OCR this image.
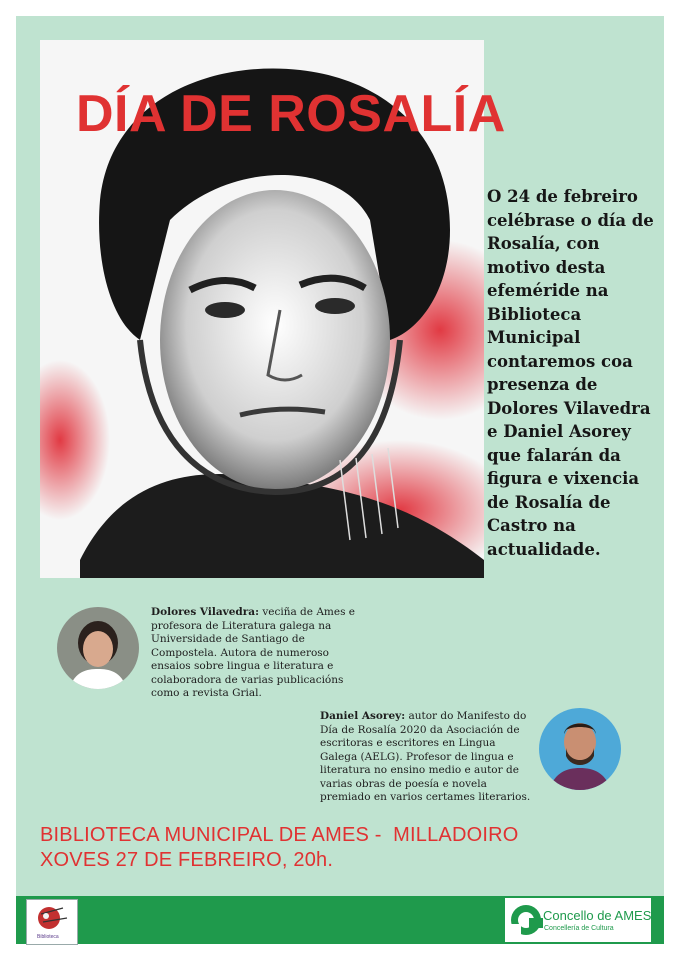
DÍA DE ROSALÍA

O 24 de febreiro celébrase o día de Rosalía, con motivo desta efeméride na Biblioteca Municipal contaremos coa presenza de Dolores Vilavedra e Daniel Asorey que falarán da figura e vixencia de Rosalía de Castro na actualidade.

Dolores Vilavedra: veciña de Ames e profesora de Literatura galega na Universidade de Santiago de Compostela. Autora de numeroso ensaios sobre lingua e literatura e colaboradora de varias publicacións como a revista Grial.

Daniel Asorey: autor do Manifesto do Día de Rosalía 2020 da Asociación de escritoras e escritores en Lingua Galega (AELG). Profesor de lingua e literatura no ensino medio e autor de varias obras de poesía e novela premiado en varios certames literarios.

BIBLIOTECA MUNICIPAL DE AMES -  MILLADOIRO
XOVES 27 DE FEBREIRO, 20h.

Biblioteca

Concello de AMES

Concellería de Cultura
